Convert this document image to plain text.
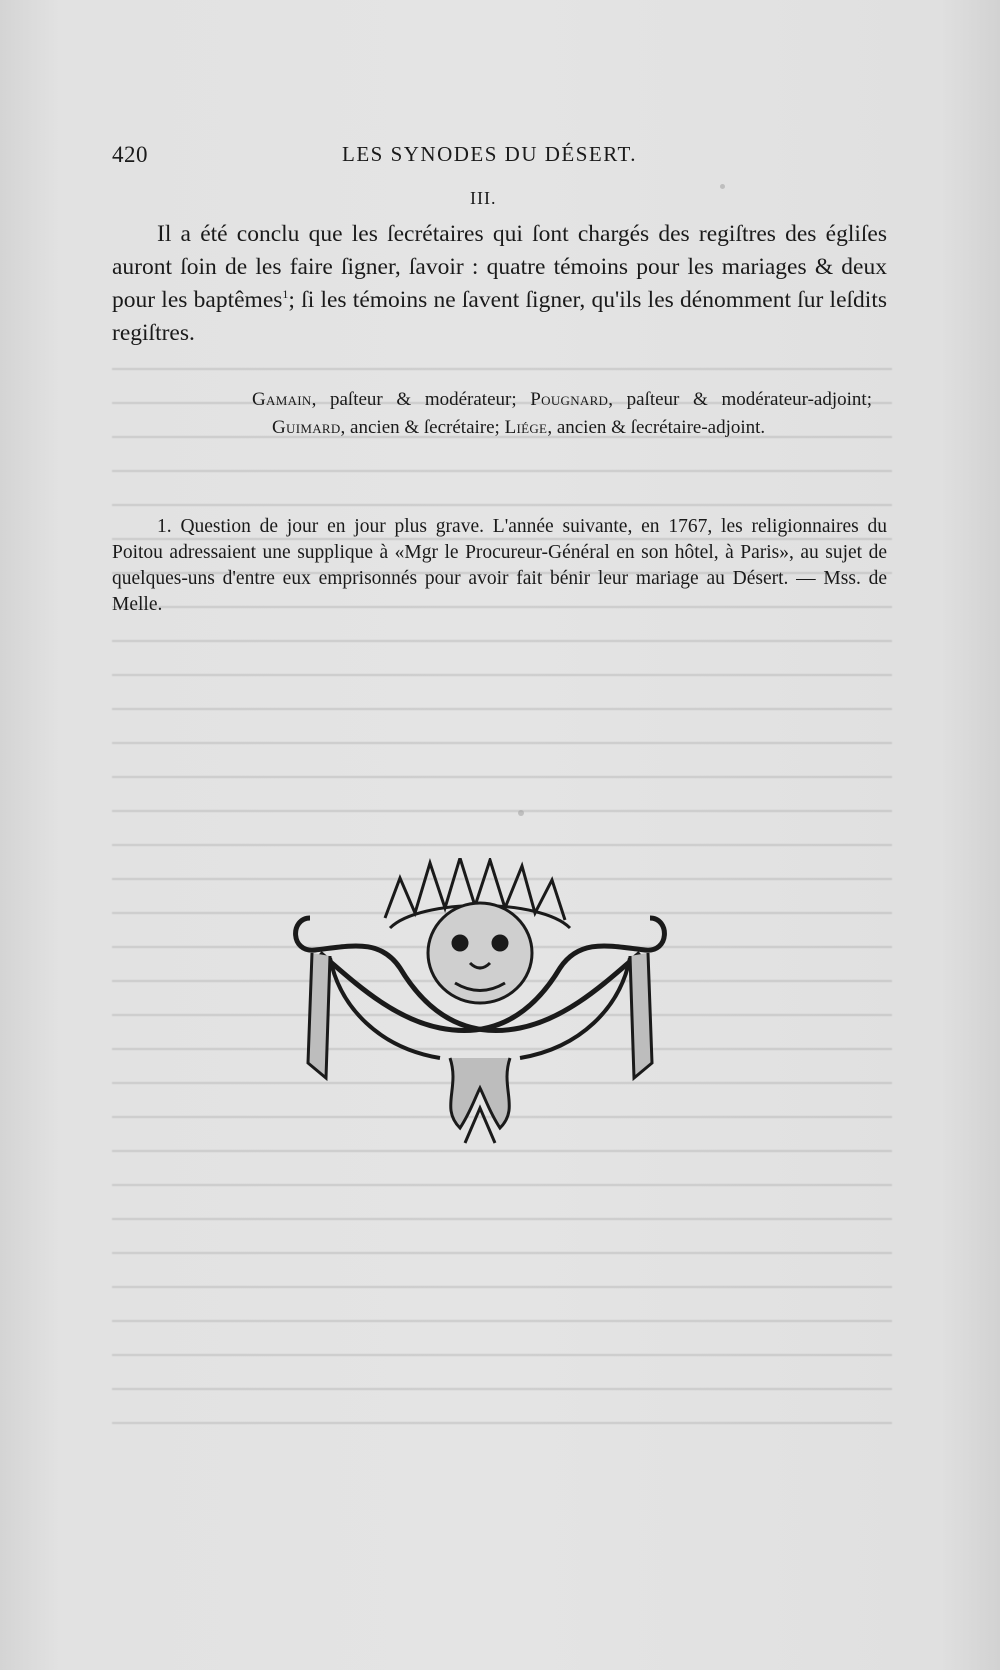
420	LES SYNODES DU DÉSERT.
III.

Il a été conclu que les ſecrétaires qui ſont chargés des regiſtres des égliſes auront ſoin de les faire ſigner, ſavoir : quatre témoins pour les mariages & deux pour les baptêmes$^1$; ſi les témoins ne ſavent ſigner, qu'ils les dénomment ſur leſdits regiſtres.

Gamain, paſteur & modérateur; Pougnard, paſteur & modérateur-adjoint; Guimard, ancien & ſecrétaire; Liége, ancien & ſecrétaire-adjoint.

1. Question de jour en jour plus grave. L'année suivante, en 1767, les religionnaires du Poitou adressaient une supplique à «Mgr le Procureur-Général en son hôtel, à Paris», au sujet de quelques-uns d'entre eux emprisonnés pour avoir fait bénir leur mariage au Désert. — Mss. de Melle.
